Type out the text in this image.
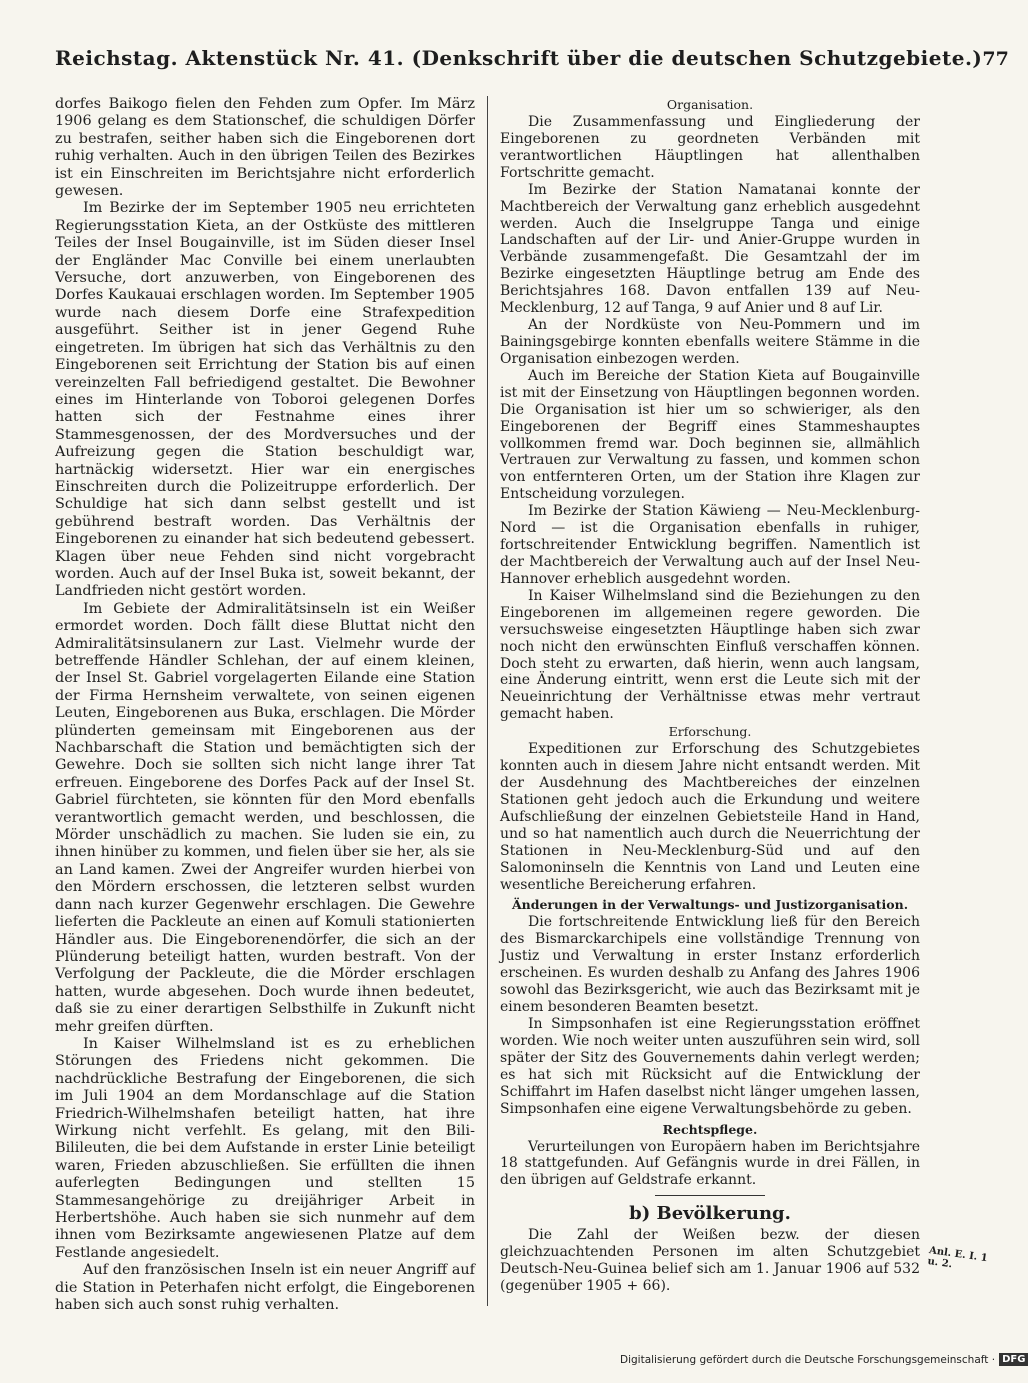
Reichstag. Aktenstück Nr. 41. (Denkschrift über die deutschen Schutzgebiete.) 77

dorfes Baikogo fielen den Fehden zum Opfer. Im März 1906 gelang es dem Stationschef, die schuldigen Dörfer zu bestrafen, seither haben sich die Eingeborenen dort ruhig verhalten. Auch in den übrigen Teilen des Bezirkes ist ein Einschreiten im Berichtsjahre nicht erforderlich gewesen.

Im Bezirke der im September 1905 neu errichteten Regierungsstation Kieta, an der Ostküste des mittleren Teiles der Insel Bougainville, ist im Süden dieser Insel der Engländer Mac Conville bei einem unerlaubten Versuche, dort anzuwerben, von Eingeborenen des Dorfes Kaukauai erschlagen worden. Im September 1905 wurde nach diesem Dorfe eine Strafexpedition ausgeführt. Seither ist in jener Gegend Ruhe eingetreten. Im übrigen hat sich das Verhältnis zu den Eingeborenen seit Errichtung der Station bis auf einen vereinzelten Fall befriedigend gestaltet. Die Bewohner eines im Hinterlande von Toboroi gelegenen Dorfes hatten sich der Festnahme eines ihrer Stammesgenossen, der des Mordversuches und der Aufreizung gegen die Station beschuldigt war, hartnäckig widersetzt. Hier war ein energisches Einschreiten durch die Polizeitruppe erforderlich. Der Schuldige hat sich dann selbst gestellt und ist gebührend bestraft worden. Das Verhältnis der Eingeborenen zu einander hat sich bedeutend gebessert. Klagen über neue Fehden sind nicht vorgebracht worden. Auch auf der Insel Buka ist, soweit bekannt, der Landfrieden nicht gestört worden.

Im Gebiete der Admiralitätsinseln ist ein Weißer ermordet worden. Doch fällt diese Bluttat nicht den Admiralitätsinsulanern zur Last. Vielmehr wurde der betreffende Händler Schlehan, der auf einem kleinen, der Insel St. Gabriel vorgelagerten Eilande eine Station der Firma Hernsheim verwaltete, von seinen eigenen Leuten, Eingeborenen aus Buka, erschlagen. Die Mörder plünderten gemeinsam mit Eingeborenen aus der Nachbarschaft die Station und bemächtigten sich der Gewehre. Doch sie sollten sich nicht lange ihrer Tat erfreuen. Eingeborene des Dorfes Pack auf der Insel St. Gabriel fürchteten, sie könnten für den Mord ebenfalls verantwortlich gemacht werden, und beschlossen, die Mörder unschädlich zu machen. Sie luden sie ein, zu ihnen hinüber zu kommen, und fielen über sie her, als sie an Land kamen. Zwei der Angreifer wurden hierbei von den Mördern erschossen, die letzteren selbst wurden dann nach kurzer Gegenwehr erschlagen. Die Gewehre lieferten die Packleute an einen auf Komuli stationierten Händler aus. Die Eingeborenendörfer, die sich an der Plünderung beteiligt hatten, wurden bestraft. Von der Verfolgung der Packleute, die die Mörder erschlagen hatten, wurde abgesehen. Doch wurde ihnen bedeutet, daß sie zu einer derartigen Selbsthilfe in Zukunft nicht mehr greifen dürften.

In Kaiser Wilhelmsland ist es zu erheblichen Störungen des Friedens nicht gekommen. Die nachdrückliche Bestrafung der Eingeborenen, die sich im Juli 1904 an dem Mordanschlage auf die Station Friedrich-Wilhelmshafen beteiligt hatten, hat ihre Wirkung nicht verfehlt. Es gelang, mit den Bili-Bilileuten, die bei dem Aufstande in erster Linie beteiligt waren, Frieden abzuschließen. Sie erfüllten die ihnen auferlegten Bedingungen und stellten 15 Stammesangehörige zu dreijähriger Arbeit in Herbertshöhe. Auch haben sie sich nunmehr auf dem ihnen vom Bezirksamte angewiesenen Platze auf dem Festlande angesiedelt.

Auf den französischen Inseln ist ein neuer Angriff auf die Station in Peterhafen nicht erfolgt, die Eingeborenen haben sich auch sonst ruhig verhalten.

Organisation.

Die Zusammenfassung und Eingliederung der Eingeborenen zu geordneten Verbänden mit verantwortlichen Häuptlingen hat allenthalben Fortschritte gemacht.

Im Bezirke der Station Namatanai konnte der Machtbereich der Verwaltung ganz erheblich ausgedehnt werden. Auch die Inselgruppe Tanga und einige Landschaften auf der Lir- und Anier-Gruppe wurden in Verbände zusammengefaßt. Die Gesamtzahl der im Bezirke eingesetzten Häuptlinge betrug am Ende des Berichtsjahres 168. Davon entfallen 139 auf Neu-Mecklenburg, 12 auf Tanga, 9 auf Anier und 8 auf Lir.

An der Nordküste von Neu-Pommern und im Bainingsgebirge konnten ebenfalls weitere Stämme in die Organisation einbezogen werden.

Auch im Bereiche der Station Kieta auf Bougainville ist mit der Einsetzung von Häuptlingen begonnen worden. Die Organisation ist hier um so schwieriger, als den Eingeborenen der Begriff eines Stammeshauptes vollkommen fremd war. Doch beginnen sie, allmählich Vertrauen zur Verwaltung zu fassen, und kommen schon von entfernteren Orten, um der Station ihre Klagen zur Entscheidung vorzulegen.

Im Bezirke der Station Käwieng — Neu-Mecklenburg-Nord — ist die Organisation ebenfalls in ruhiger, fortschreitender Entwicklung begriffen. Namentlich ist der Machtbereich der Verwaltung auch auf der Insel Neu-Hannover erheblich ausgedehnt worden.

In Kaiser Wilhelmsland sind die Beziehungen zu den Eingeborenen im allgemeinen regere geworden. Die versuchsweise eingesetzten Häuptlinge haben sich zwar noch nicht den erwünschten Einfluß verschaffen können. Doch steht zu erwarten, daß hierin, wenn auch langsam, eine Änderung eintritt, wenn erst die Leute sich mit der Neueinrichtung der Verhältnisse etwas mehr vertraut gemacht haben.

Erforschung.

Expeditionen zur Erforschung des Schutzgebietes konnten auch in diesem Jahre nicht entsandt werden. Mit der Ausdehnung des Machtbereiches der einzelnen Stationen geht jedoch auch die Erkundung und weitere Aufschließung der einzelnen Gebietsteile Hand in Hand, und so hat namentlich auch durch die Neuerrichtung der Stationen in Neu-Mecklenburg-Süd und auf den Salomoninseln die Kenntnis von Land und Leuten eine wesentliche Bereicherung erfahren.

Änderungen in der Verwaltungs- und Justizorganisation.

Die fortschreitende Entwicklung ließ für den Bereich des Bismarckarchipels eine vollständige Trennung von Justiz und Verwaltung in erster Instanz erforderlich erscheinen. Es wurden deshalb zu Anfang des Jahres 1906 sowohl das Bezirksgericht, wie auch das Bezirksamt mit je einem besonderen Beamten besetzt.

In Simpsonhafen ist eine Regierungsstation eröffnet worden. Wie noch weiter unten auszuführen sein wird, soll später der Sitz des Gouvernements dahin verlegt werden; es hat sich mit Rücksicht auf die Entwicklung der Schiffahrt im Hafen daselbst nicht länger umgehen lassen, Simpsonhafen eine eigene Verwaltungsbehörde zu geben.

Rechtspflege.

Verurteilungen von Europäern haben im Berichtsjahre 18 stattgefunden. Auf Gefängnis wurde in drei Fällen, in den übrigen auf Geldstrafe erkannt.

b) Bevölkerung.

Die Zahl der Weißen bezw. der diesen gleichzuachtenden Personen im alten Schutzgebiet Deutsch-Neu-Guinea belief sich am 1. Januar 1906 auf 532 (gegenüber 1905 + 66).

Anl. E. I. 1 u. 2.
Digitalisierung gefördert durch die Deutsche Forschungsgemeinschaft · DFG
